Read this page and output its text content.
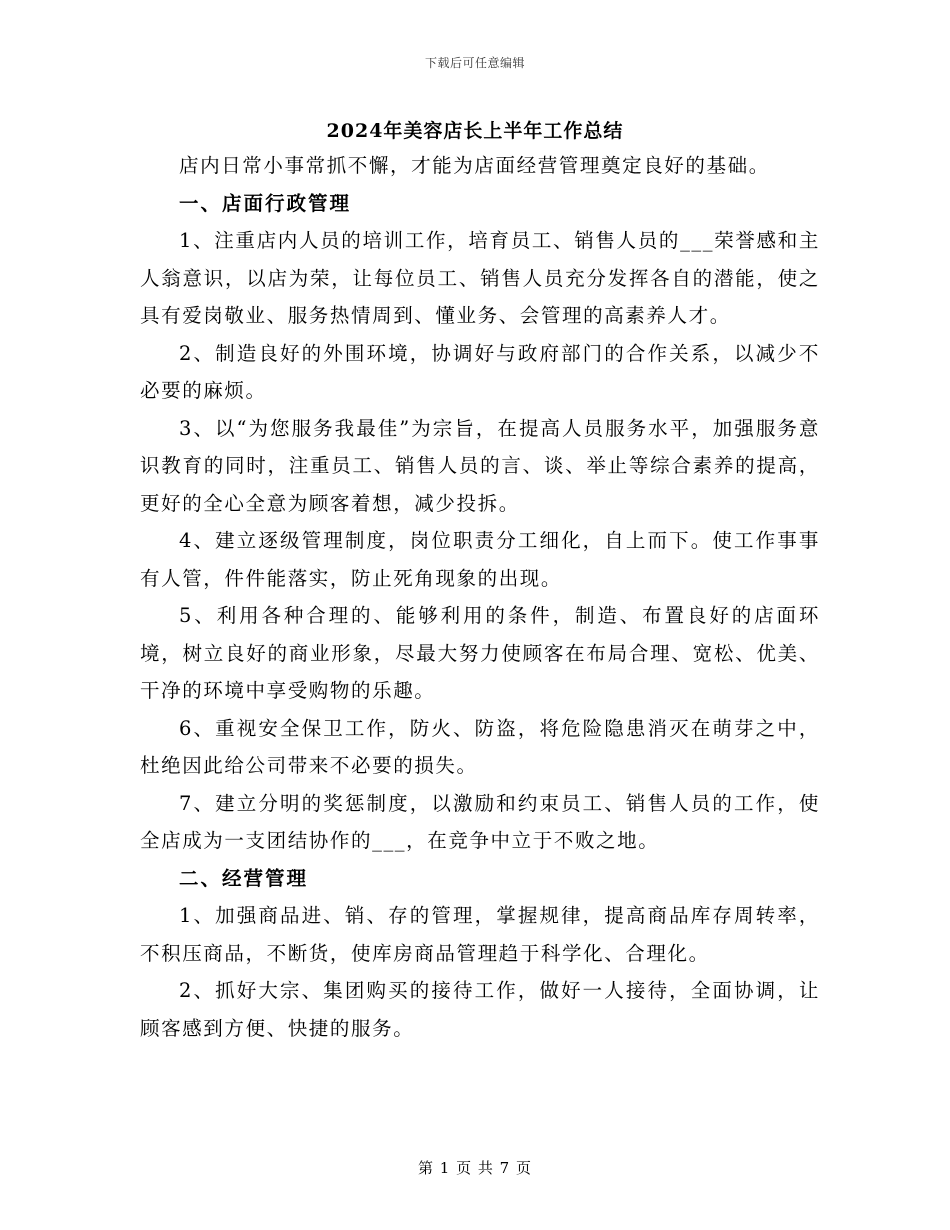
下载后可任意编辑
2024年美容店长上半年工作总结

店内日常小事常抓不懈，才能为店面经营管理奠定良好的基础。

一、店面行政管理

1、注重店内人员的培训工作，培育员工、销售人员的___荣誉感和主人翁意识，以店为荣，让每位员工、销售人员充分发挥各自的潜能，使之具有爱岗敬业、服务热情周到、懂业务、会管理的高素养人才。

2、制造良好的外围环境，协调好与政府部门的合作关系，以减少不必要的麻烦。

3、以“为您服务我最佳”为宗旨，在提高人员服务水平，加强服务意识教育的同时，注重员工、销售人员的言、谈、举止等综合素养的提高，更好的全心全意为顾客着想，减少投拆。

4、建立逐级管理制度，岗位职责分工细化，自上而下。使工作事事有人管，件件能落实，防止死角现象的出现。

5、利用各种合理的、能够利用的条件，制造、布置良好的店面环境，树立良好的商业形象，尽最大努力使顾客在布局合理、宽松、优美、干净的环境中享受购物的乐趣。

6、重视安全保卫工作，防火、防盗，将危险隐患消灭在萌芽之中，杜绝因此给公司带来不必要的损失。

7、建立分明的奖惩制度，以激励和约束员工、销售人员的工作，使全店成为一支团结协作的___，在竞争中立于不败之地。

二、经营管理

1、加强商品进、销、存的管理，掌握规律，提高商品库存周转率，不积压商品，不断货，使库房商品管理趋于科学化、合理化。

2、抓好大宗、集团购买的接待工作，做好一人接待，全面协调，让顾客感到方便、快捷的服务。

第 1 页 共 7 页
